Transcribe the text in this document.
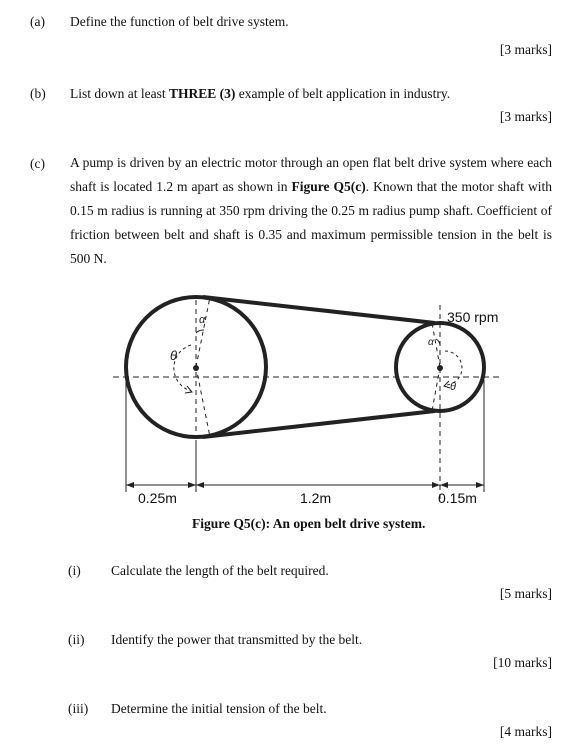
(a) Define the function of belt drive system.
[3 marks]
(b) List down at least THREE (3) example of belt application in industry.
[3 marks]
(c) A pump is driven by an electric motor through an open flat belt drive system where each shaft is located 1.2 m apart as shown in Figure Q5(c). Known that the motor shaft with 0.15 m radius is running at 350 rpm driving the 0.25 m radius pump shaft. Coefficient of friction between belt and shaft is 0.35 and maximum permissible tension in the belt is 500 N.
θ
θ
α
α
350 rpm
0.25m	1.2m	0.15m
Figure Q5(c): An open belt drive system.
(i) Calculate the length of the belt required.
[5 marks]
(ii) Identify the power that transmitted by the belt.
[10 marks]
(iii) Determine the initial tension of the belt.
[4 marks]
